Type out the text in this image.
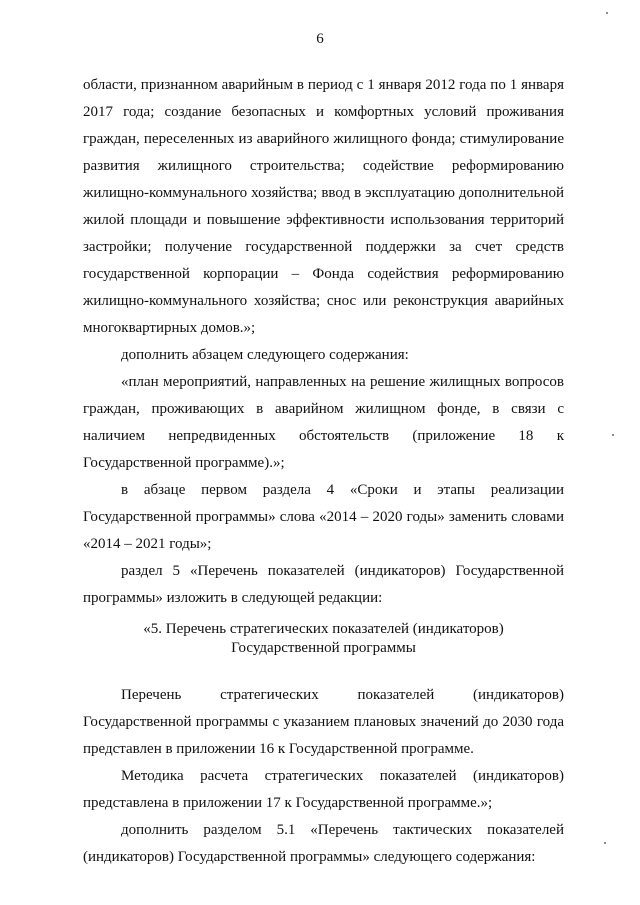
6

области, признанном аварийным в период с 1 января 2012 года по 1 января 2017 года; создание безопасных и комфортных условий проживания граждан, переселенных из аварийного жилищного фонда; стимулирование развития жилищного строительства; содействие реформированию жилищно-коммунального хозяйства; ввод в эксплуатацию дополнительной жилой площади и повышение эффективности использования территорий застройки; получение государственной поддержки за счет средств государственной корпорации – Фонда содействия реформированию жилищно-коммунального хозяйства; снос или реконструкция аварийных многоквартирных домов.»;

дополнить абзацем следующего содержания:

«план мероприятий, направленных на решение жилищных вопросов граждан, проживающих в аварийном жилищном фонде, в связи с наличием непредвиденных обстоятельств (приложение 18 к Государственной программе).»;

в абзаце первом раздела 4 «Сроки и этапы реализации Государственной программы» слова «2014 – 2020 годы» заменить словами «2014 – 2021 годы»;

раздел 5 «Перечень показателей (индикаторов) Государственной программы» изложить в следующей редакции:

«5. Перечень стратегических показателей (индикаторов)
Государственной программы

Перечень стратегических показателей (индикаторов) Государственной программы с указанием плановых значений до 2030 года представлен в приложении 16 к Государственной программе.

Методика расчета стратегических показателей (индикаторов) представлена в приложении 17 к Государственной программе.»;

дополнить разделом 5.1 «Перечень тактических показателей (индикаторов) Государственной программы» следующего содержания:
